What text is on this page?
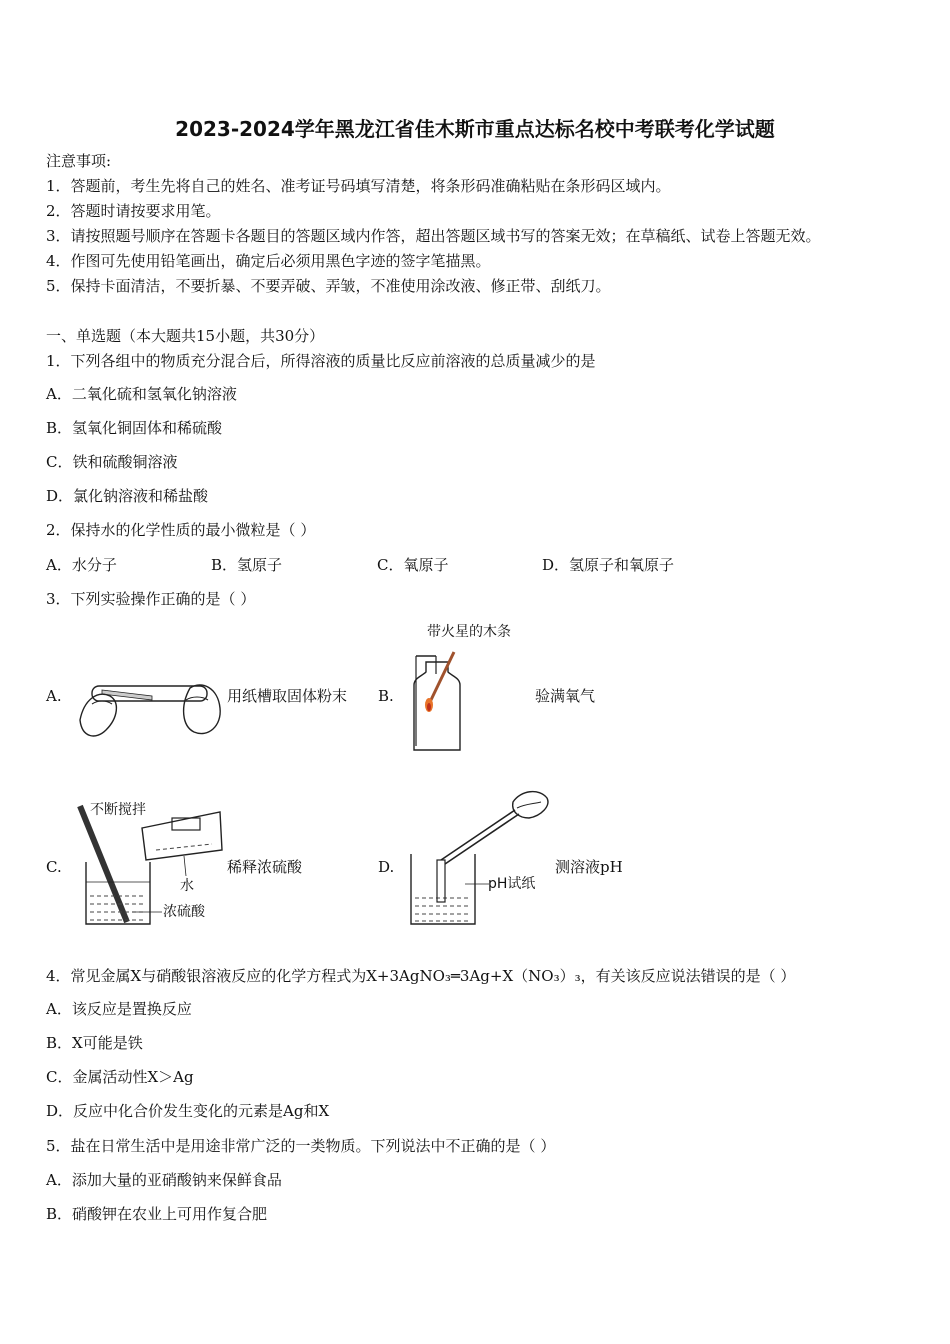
2023-2024学年黑龙江省佳木斯市重点达标名校中考联考化学试题
注意事项:
1．答题前，考生先将自己的姓名、准考证号码填写清楚，将条形码准确粘贴在条形码区域内。
2．答题时请按要求用笔。
3．请按照题号顺序在答题卡各题目的答题区域内作答，超出答题区域书写的答案无效；在草稿纸、试卷上答题无效。
4．作图可先使用铅笔画出，确定后必须用黑色字迹的签字笔描黑。
5．保持卡面清洁，不要折暴、不要弄破、弄皱，不准使用涂改液、修正带、刮纸刀。
一、单选题（本大题共15小题，共30分）
1．下列各组中的物质充分混合后，所得溶液的质量比反应前溶液的总质量减少的是
A．二氧化硫和氢氧化钠溶液
B．氢氧化铜固体和稀硫酸
C．铁和硫酸铜溶液
D．氯化钠溶液和稀盐酸
2．保持水的化学性质的最小微粒是（ ）
A．水分子	B．氢原子	C．氧原子	D．氢原子和氧原子
3．下列实验操作正确的是（ ）
A.	用纸槽取固体粉末 B.
带火星的木条
验满氧气
C.
不断搅拌
水
浓硫酸
稀释浓硫酸	D.
pH试纸
测溶液pH
4．常见金属X与硝酸银溶液反应的化学方程式为X+3AgNO₃═3Ag+X（NO₃）₃，有关该反应说法错误的是（ ）
A．该反应是置换反应
B．X可能是铁
C．金属活动性X＞Ag
D．反应中化合价发生变化的元素是Ag和X
5．盐在日常生活中是用途非常广泛的一类物质。下列说法中不正确的是（ ）
A．添加大量的亚硝酸钠来保鲜食品
B．硝酸钾在农业上可用作复合肥
